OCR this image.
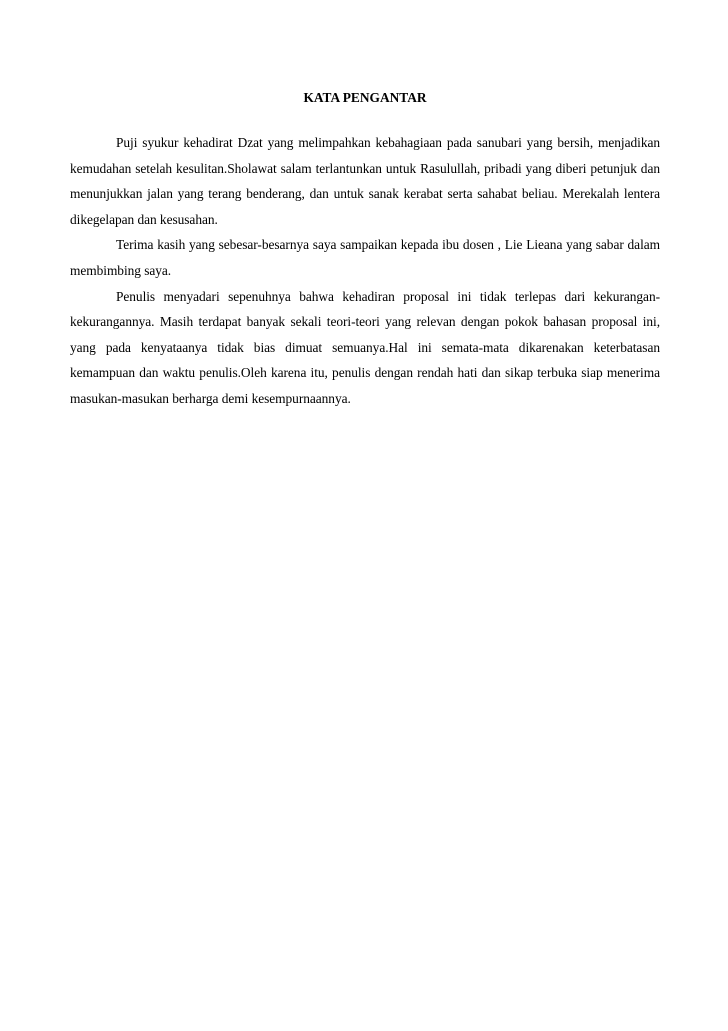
KATA PENGANTAR

Puji syukur kehadirat Dzat yang melimpahkan kebahagiaan pada sanubari yang bersih, menjadikan kemudahan setelah kesulitan.Sholawat salam terlantunkan untuk Rasulullah, pribadi yang diberi petunjuk dan menunjukkan jalan yang terang benderang, dan untuk sanak kerabat serta sahabat beliau. Merekalah lentera dikegelapan dan kesusahan.

Terima kasih yang sebesar-besarnya saya sampaikan kepada ibu dosen , Lie Lieana yang sabar dalam membimbing saya.

Penulis menyadari sepenuhnya bahwa kehadiran proposal ini tidak terlepas dari kekurangan-kekurangannya. Masih terdapat banyak sekali teori-teori yang relevan dengan pokok bahasan proposal ini, yang pada kenyataanya tidak bias dimuat semuanya.Hal ini semata-mata dikarenakan keterbatasan kemampuan dan waktu penulis.Oleh karena itu, penulis dengan rendah hati dan sikap terbuka siap menerima masukan-masukan berharga demi kesempurnaannya.
